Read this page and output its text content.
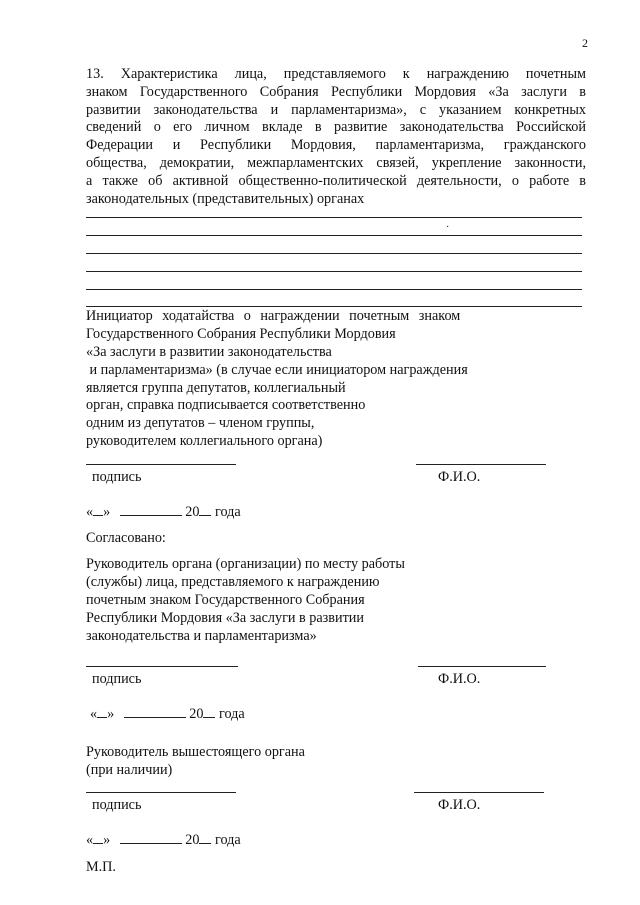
2
13. Характеристика лица, представляемого к награждению почетным
знаком Государственного Собрания Республики Мордовия «За заслуги в
развитии законодательства и парламентаризма», с указанием конкретных
сведений о его личном вкладе в развитие законодательства Российской
Федерации и Республики Мордовия, парламентаризма, гражданского
общества, демократии, межпарламентских связей, укрепление законности,
а также об активной общественно-политической деятельности, о работе в
законодательных (представительных) органах
·
Инициатор ходатайства о награждении почетным знаком
Государственного Собрания Республики Мордовия
«За заслуги в развитии законодательства
и парламентаризма» (в случае если инициатором награждения
является группа депутатов, коллегиальный
орган, справка подписывается соответственно
одним из депутатов – членом группы,
руководителем коллегиального органа)
подпись	Ф.И.О.
« »	20 года
Согласовано:
Руководитель органа (организации) по месту работы
(службы) лица, представляемого к награждению
почетным знаком Государственного Собрания
Республики Мордовия «За заслуги в развитии
законодательства и парламентаризма»
подпись	Ф.И.О.
« »	20 года
Руководитель вышестоящего органа
(при наличии)
подпись	Ф.И.О.
« »	20 года
М.П.
